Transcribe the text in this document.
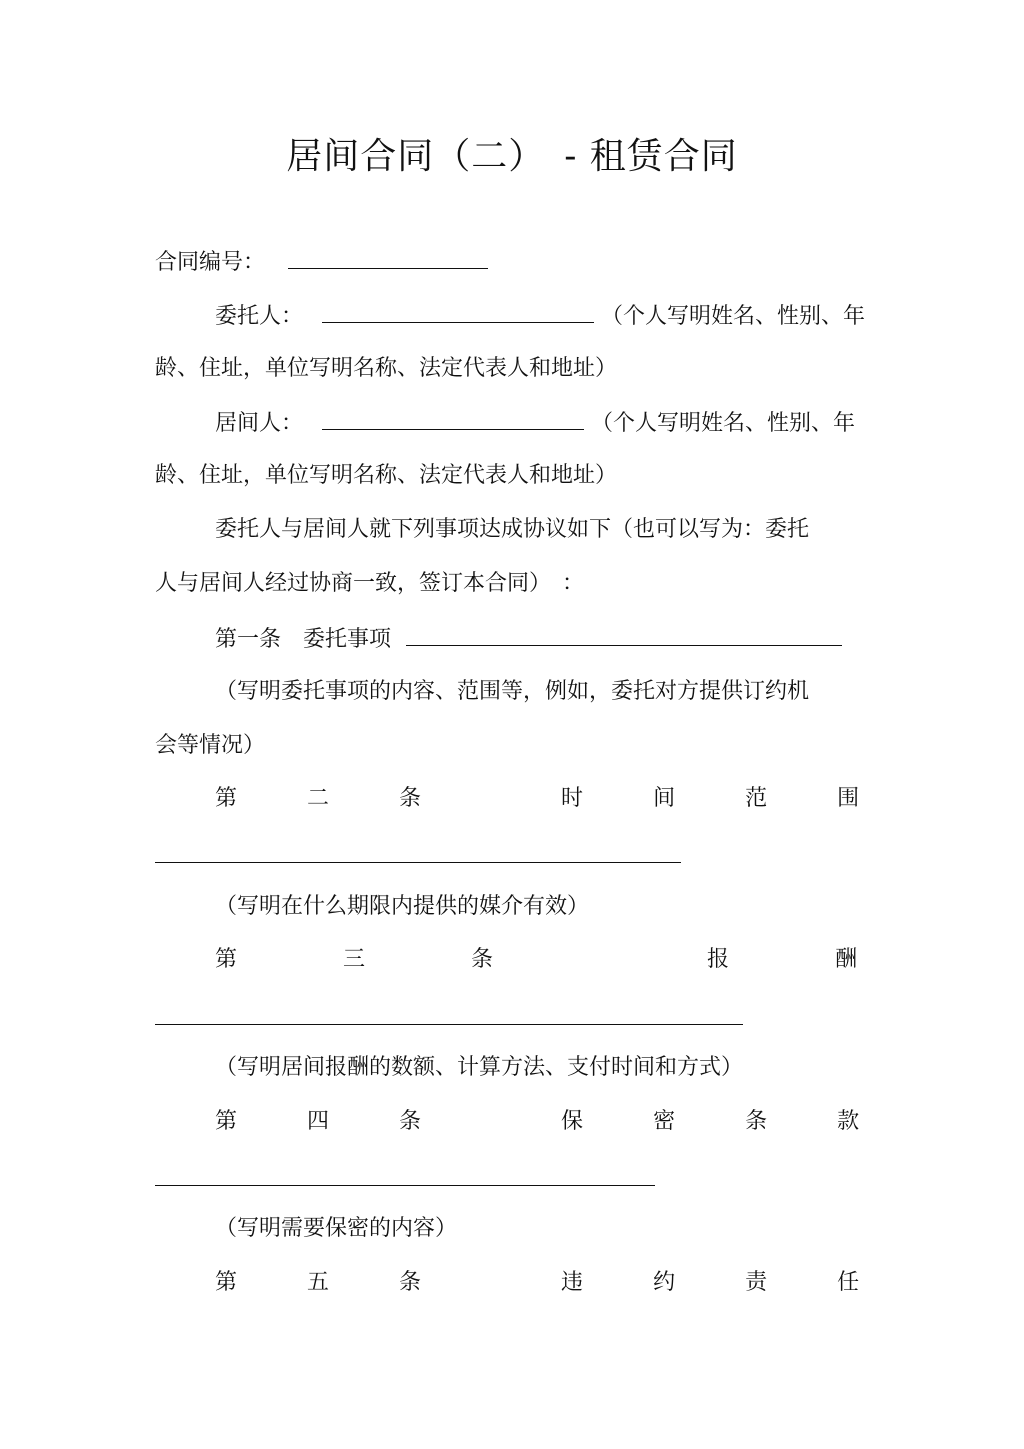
居间合同（二）　- 租赁合同
合同编号：
委托人：	（个人写明姓名、性别、年
龄、住址，单位写明名称、法定代表人和地址）
居间人：	（个人写明姓名、性别、年
龄、住址，单位写明名称、法定代表人和地址）
委托人与居间人就下列事项达成协议如下（也可以写为：委托
人与居间人经过协商一致，签订本合同）　：
第一条　委托事项
（写明委托事项的内容、范围等，例如，委托对方提供订约机
会等情况）
第	二	条	时	间	范	围
（写明在什么期限内提供的媒介有效）
第	三	条	报	酬
（写明居间报酬的数额、计算方法、支付时间和方式）
第	四	条	保	密	条	款
（写明需要保密的内容）
第	五	条	违	约	责	任
